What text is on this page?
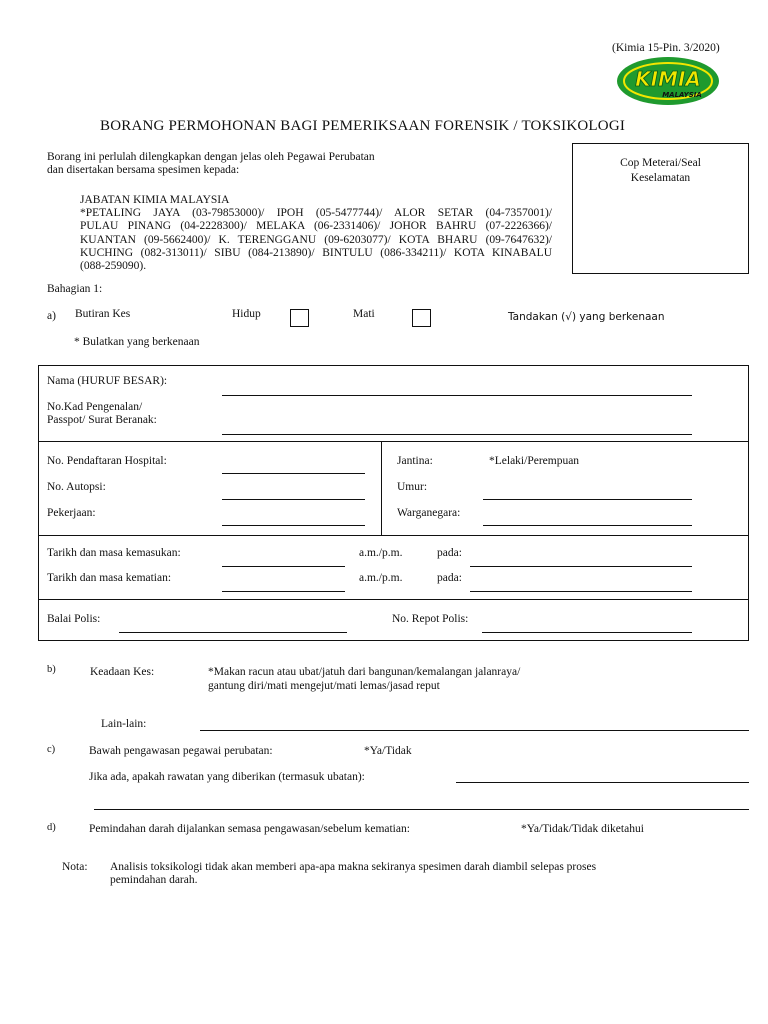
(Kimia 15-Pin. 3/2020)
KIMIA
MALAYSIA
BORANG PERMOHONAN BAGI PEMERIKSAAN FORENSIK / TOKSIKOLOGI
Borang ini perlulah dilengkapkan dengan jelas oleh Pegawai Perubatan
dan disertakan bersama spesimen kepada:
Cop Meterai/Seal
Keselamatan
JABATAN KIMIA MALAYSIA
*PETALING JAYA (03-79853000)/ IPOH (05-5477744)/ ALOR SETAR (04-7357001)/
PULAU PINANG (04-2228300)/ MELAKA (06-2331406)/ JOHOR BAHRU (07-2226366)/
KUANTAN (09-5662400)/ K. TERENGGANU (09-6203077)/ KOTA BHARU (09-7647632)/
KUCHING (082-313011)/ SIBU (084-213890)/ BINTULU (086-334211)/ KOTA KINABALU
(088-259090).
Bahagian 1:
a) Butiran Kes	Hidup	Mati	Tandakan (√) yang berkenaan
* Bulatkan yang berkenaan
Nama (HURUF BESAR):
No.Kad Pengenalan/
Passpot/ Surat Beranak:
No. Pendaftaran Hospital:
No. Autopsi:
Pekerjaan:
Jantina:	*Lelaki/Perempuan
Umur:
Warganegara:
Tarikh dan masa kemasukan:	a.m./p.m.	pada:
Tarikh dan masa kematian:	a.m./p.m.	pada:
Balai Polis:	No. Repot Polis:
b)	Keadaan Kes:	*Makan racun atau ubat/jatuh dari bangunan/kemalangan jalanraya/
gantung diri/mati mengejut/mati lemas/jasad reput
Lain-lain:
c)	Bawah pengawasan pegawai perubatan:	*Ya/Tidak
Jika ada, apakah rawatan yang diberikan (termasuk ubatan):
d)	Pemindahan darah dijalankan semasa pengawasan/sebelum kematian:	*Ya/Tidak/Tidak diketahui
Nota: Analisis toksikologi tidak akan memberi apa-apa makna sekiranya spesimen darah diambil selepas proses
pemindahan darah.
